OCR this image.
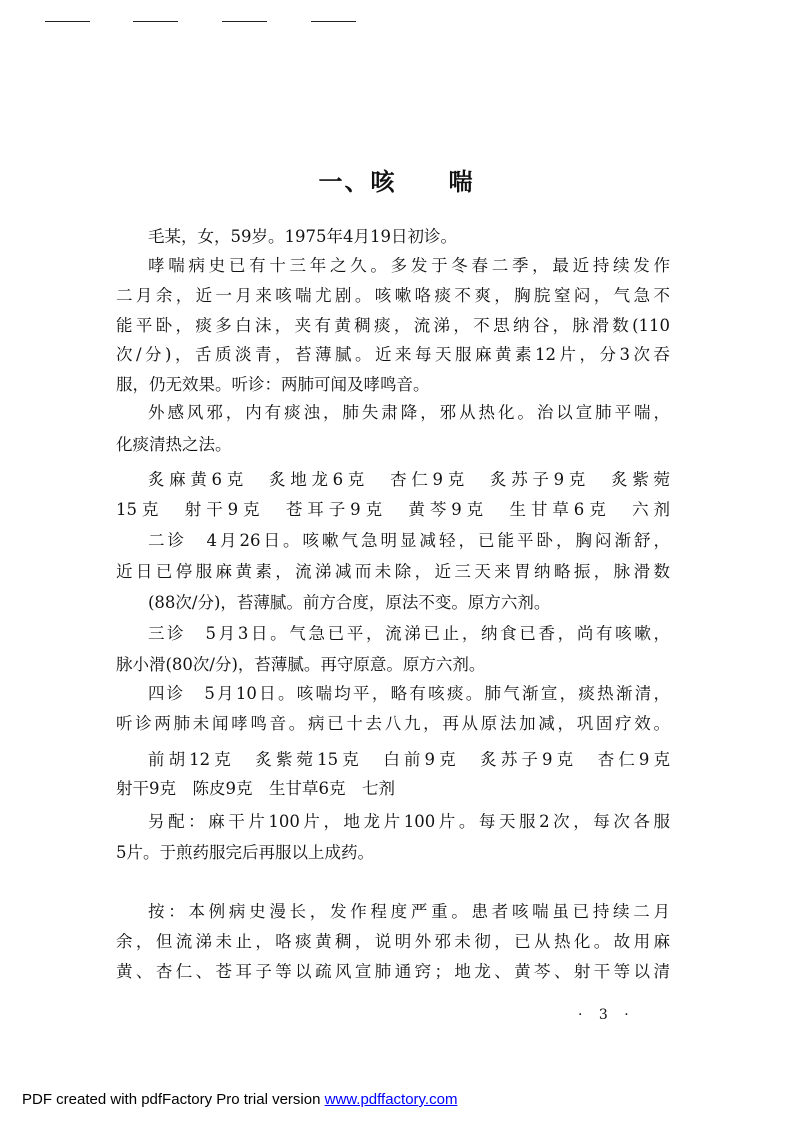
一、咳　　喘
毛某，女，59岁。1975年4月19日初诊。
哮喘病史已有十三年之久。多发于冬春二季，最近持续发作
二月余，近一月来咳喘尤剧。咳嗽咯痰不爽，胸脘窒闷，气急不
能平卧，痰多白沫，夹有黄稠痰，流涕，不思纳谷，脉滑数(110
次/分)，舌质淡青，苔薄腻。近来每天服麻黄素12片，分3次吞
服，仍无效果。听诊：两肺可闻及哮鸣音。
外感风邪，内有痰浊，肺失肃降，邪从热化。治以宣肺平喘，
化痰清热之法。
炙麻黄6克　炙地龙6克　杏仁9克　炙苏子9克　炙紫菀
15克　射干9克　苍耳子9克　黄芩9克　生甘草6克　六剂
二诊　4月26日。咳嗽气急明显减轻，已能平卧，胸闷渐舒，
近日已停服麻黄素，流涕减而未除，近三天来胃纳略振，脉滑数
(88次/分)，苔薄腻。前方合度，原法不变。原方六剂。
三诊　5月3日。气急已平，流涕已止，纳食已香，尚有咳嗽，
脉小滑(80次/分)，苔薄腻。再守原意。原方六剂。
四诊　5月10日。咳喘均平，略有咳痰。肺气渐宣，痰热渐清，
听诊两肺未闻哮鸣音。病已十去八九，再从原法加减，巩固疗效。
前胡12克　炙紫菀15克　白前9克　炙苏子9克　杏仁9克
射干9克　陈皮9克　生甘草6克　七剂
另配：麻干片100片，地龙片100片。每天服2次，每次各服
5片。于煎药服完后再服以上成药。
按：本例病史漫长，发作程度严重。患者咳喘虽已持续二月
余，但流涕未止，咯痰黄稠，说明外邪未彻，已从热化。故用麻
黄、杏仁、苍耳子等以疏风宣肺通窍；地龙、黄芩、射干等以清
· 3 ·
PDF created with pdfFactory Pro trial version www.pdffactory.com
